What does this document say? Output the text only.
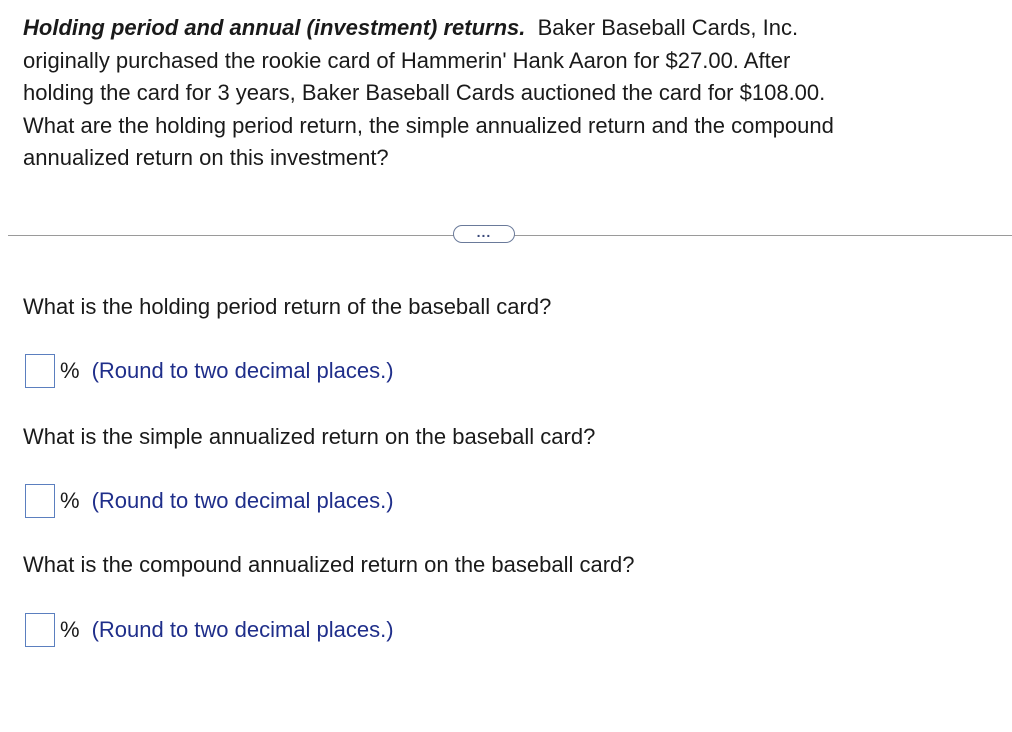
Holding period and annual (investment) returns. Baker Baseball Cards, Inc.
originally purchased the rookie card of Hammerin' Hank Aaron for $27.00. After
holding the card for 3 years, Baker Baseball Cards auctioned the card for $108.00.
What are the holding period return, the simple annualized return and the compound
annualized return on this investment?
...
What is the holding period return of the baseball card?
% (Round to two decimal places.)
What is the simple annualized return on the baseball card?
% (Round to two decimal places.)
What is the compound annualized return on the baseball card?
% (Round to two decimal places.)
